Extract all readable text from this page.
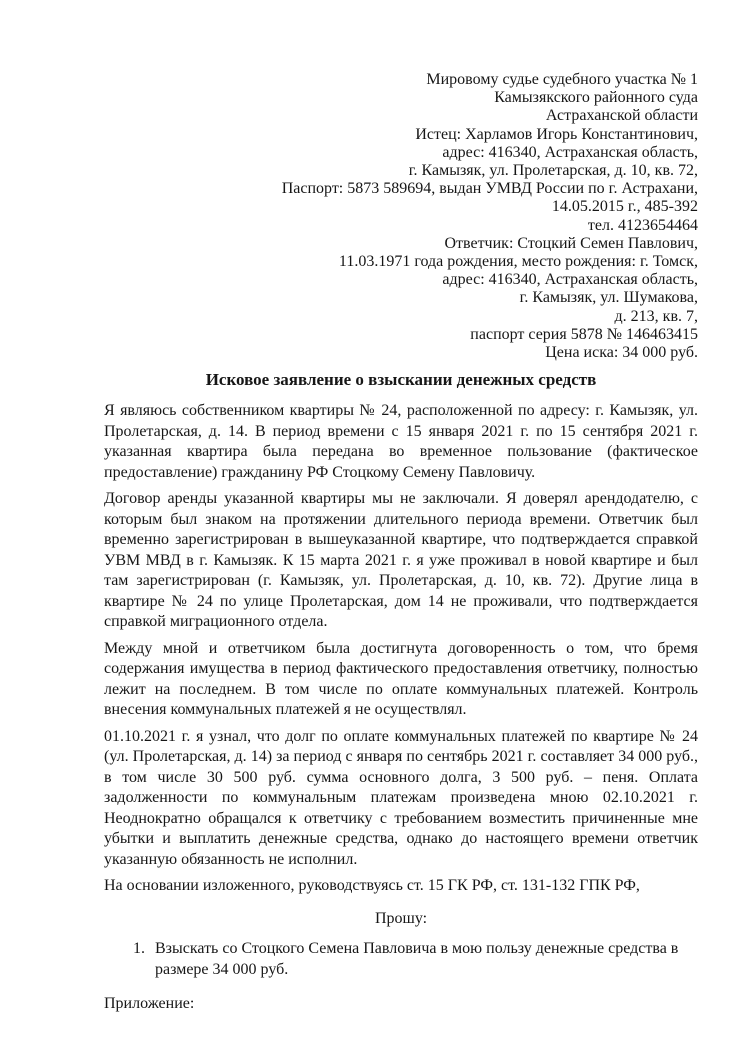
Мировому судье судебного участка № 1
Камызякского районного суда
Астраханской области
Истец: Харламов Игорь Константинович,
адрес: 416340, Астраханская область,
г. Камызяк, ул. Пролетарская, д. 10, кв. 72,
Паспорт: 5873 589694, выдан УМВД России по г. Астрахани,
14.05.2015 г., 485-392
тел. 4123654464
Ответчик: Стоцкий Семен Павлович,
11.03.1971 года рождения, место рождения: г. Томск,
адрес: 416340, Астраханская область,
г. Камызяк, ул. Шумакова,
д. 213, кв. 7,
паспорт серия 5878 № 146463415
Цена иска: 34 000 руб.
Исковое заявление о взыскании денежных средств

Я являюсь собственником квартиры № 24, расположенной по адресу: г. Камызяк, ул. Пролетарская, д. 14. В период времени с 15 января 2021 г. по 15 сентября 2021 г. указанная квартира была передана во временное пользование (фактическое предоставление) гражданину РФ Стоцкому Семену Павловичу.

Договор аренды указанной квартиры мы не заключали. Я доверял арендодателю, с которым был знаком на протяжении длительного периода времени. Ответчик был временно зарегистрирован в вышеуказанной квартире, что подтверждается справкой УВМ МВД в г. Камызяк. К 15 марта 2021 г. я уже проживал в новой квартире и был там зарегистрирован (г. Камызяк, ул. Пролетарская, д. 10, кв. 72). Другие лица в квартире № 24 по улице Пролетарская, дом 14 не проживали, что подтверждается справкой миграционного отдела.

Между мной и ответчиком была достигнута договоренность о том, что бремя содержания имущества в период фактического предоставления ответчику, полностью лежит на последнем. В том числе по оплате коммунальных платежей. Контроль внесения коммунальных платежей я не осуществлял.

01.10.2021 г. я узнал, что долг по оплате коммунальных платежей по квартире № 24 (ул. Пролетарская, д. 14) за период с января по сентябрь 2021 г. составляет 34 000 руб., в том числе 30 500 руб. сумма основного долга, 3 500 руб. – пеня. Оплата задолженности по коммунальным платежам произведена мною 02.10.2021 г. Неоднократно обращался к ответчику с требованием возместить причиненные мне убытки и выплатить денежные средства, однако до настоящего времени ответчик указанную обязанность не исполнил.

На основании изложенного, руководствуясь ст. 15 ГК РФ, ст. 131-132 ГПК РФ,
Прошу:
1. Взыскать со Стоцкого Семена Павловича в мою пользу денежные средства в размере 34 000 руб.
Приложение:
